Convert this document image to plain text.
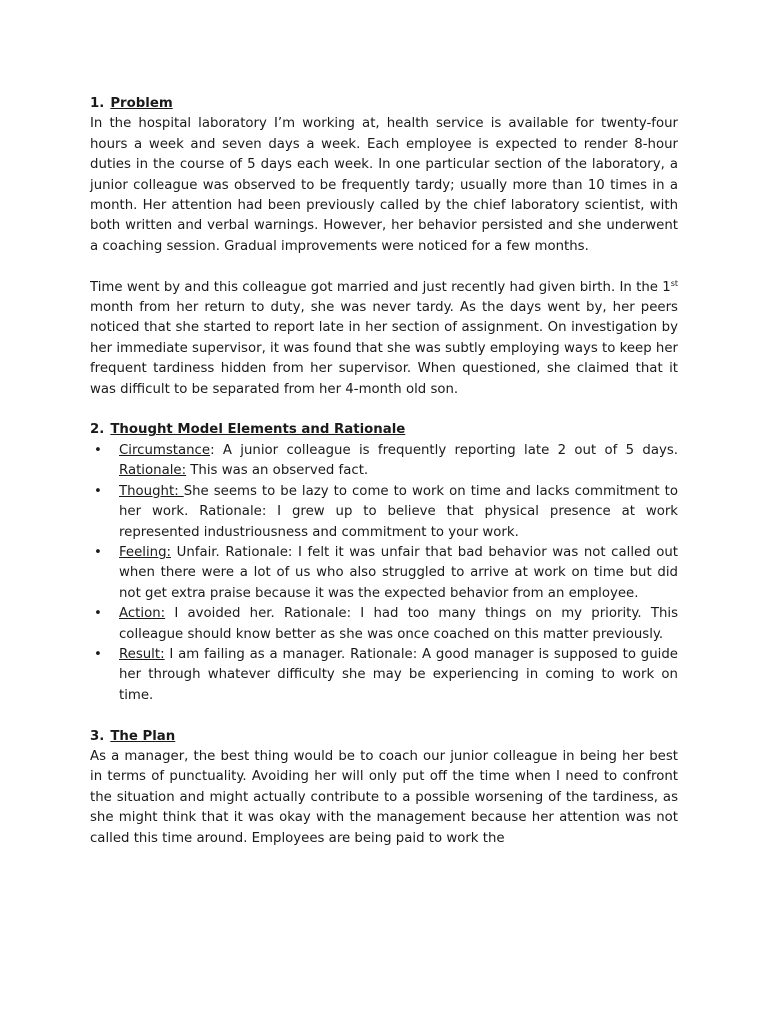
1. Problem

In the hospital laboratory I’m working at, health service is available for twenty-four hours a week and seven days a week. Each employee is expected to render 8-hour duties in the course of 5 days each week. In one particular section of the laboratory, a junior colleague was observed to be frequently tardy; usually more than 10 times in a month. Her attention had been previously called by the chief laboratory scientist, with both written and verbal warnings. However, her behavior persisted and she underwent a coaching session. Gradual improvements were noticed for a few months.

Time went by and this colleague got married and just recently had given birth. In the 1st month from her return to duty, she was never tardy. As the days went by, her peers noticed that she started to report late in her section of assignment. On investigation by her immediate supervisor, it was found that she was subtly employing ways to keep her frequent tardiness hidden from her supervisor. When questioned, she claimed that it was difficult to be separated from her 4-month old son.

2. Thought Model Elements and Rationale
• Circumstance: A junior colleague is frequently reporting late 2 out of 5 days. Rationale: This was an observed fact.
• Thought: She seems to be lazy to come to work on time and lacks commitment to her work. Rationale: I grew up to believe that physical presence at work represented industriousness and commitment to your work.
• Feeling: Unfair. Rationale: I felt it was unfair that bad behavior was not called out when there were a lot of us who also struggled to arrive at work on time but did not get extra praise because it was the expected behavior from an employee.
• Action: I avoided her. Rationale: I had too many things on my priority. This colleague should know better as she was once coached on this matter previously.
• Result: I am failing as a manager. Rationale: A good manager is supposed to guide her through whatever difficulty she may be experiencing in coming to work on time.
3. The Plan

As a manager, the best thing would be to coach our junior colleague in being her best in terms of punctuality. Avoiding her will only put off the time when I need to confront the situation and might actually contribute to a possible worsening of the tardiness, as she might think that it was okay with the management because her attention was not called this time around. Employees are being paid to work the
